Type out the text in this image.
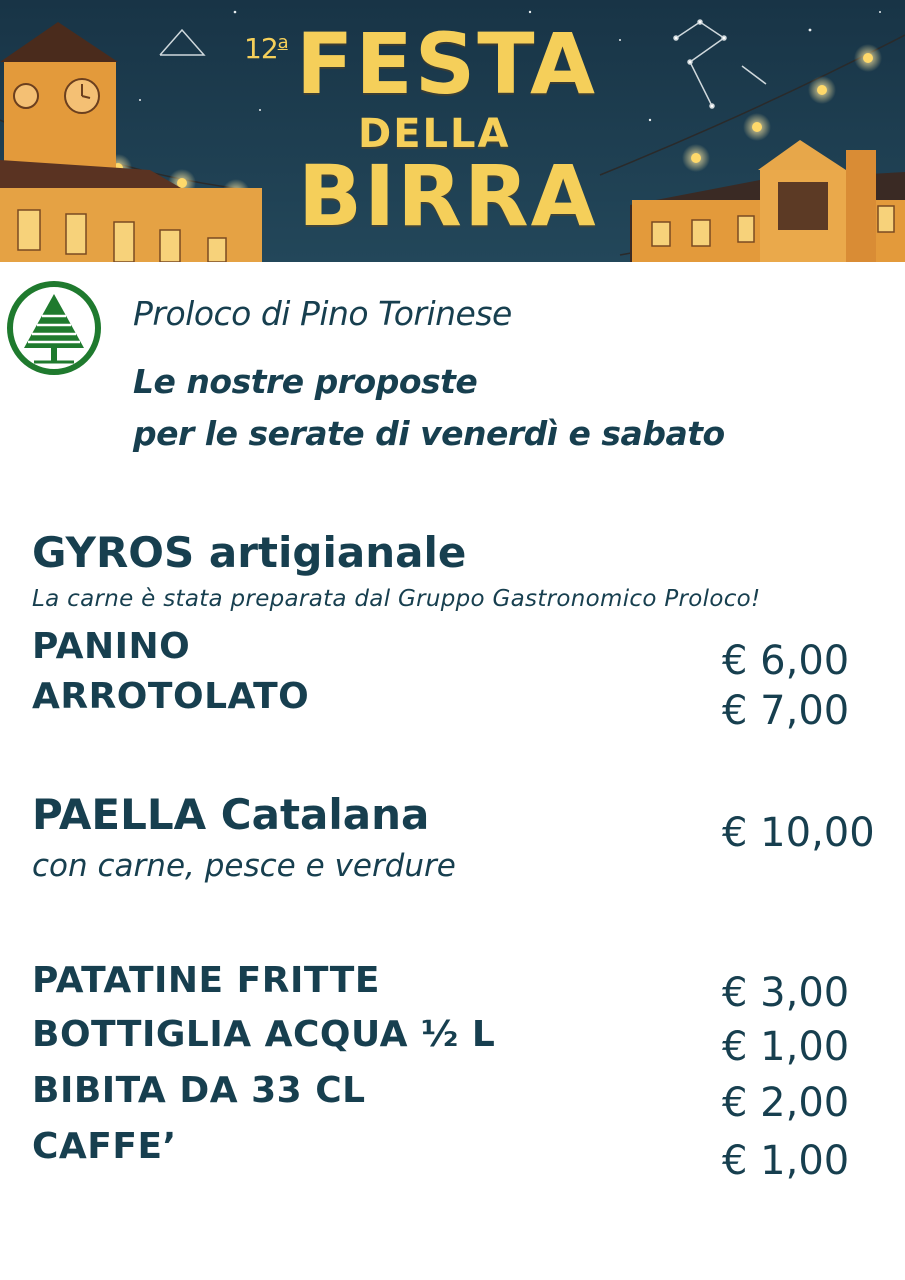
12$^a$ FESTA
DELLA
BIRRA
Proloco di Pino Torinese
Le nostre proposte
per le serate di venerdì e sabato
GYROS artigianale
La carne è stata preparata dal Gruppo Gastronomico Proloco!
PANINO
ARROTOLATO
€ 6,00
€ 7,00
PAELLA Catalana
con carne, pesce e verdure
€ 10,00
PATATINE FRITTE
BOTTIGLIA ACQUA ½ L
BIBITA DA 33 CL
CAFFE’
€ 3,00
€ 1,00
€ 2,00
€ 1,00
